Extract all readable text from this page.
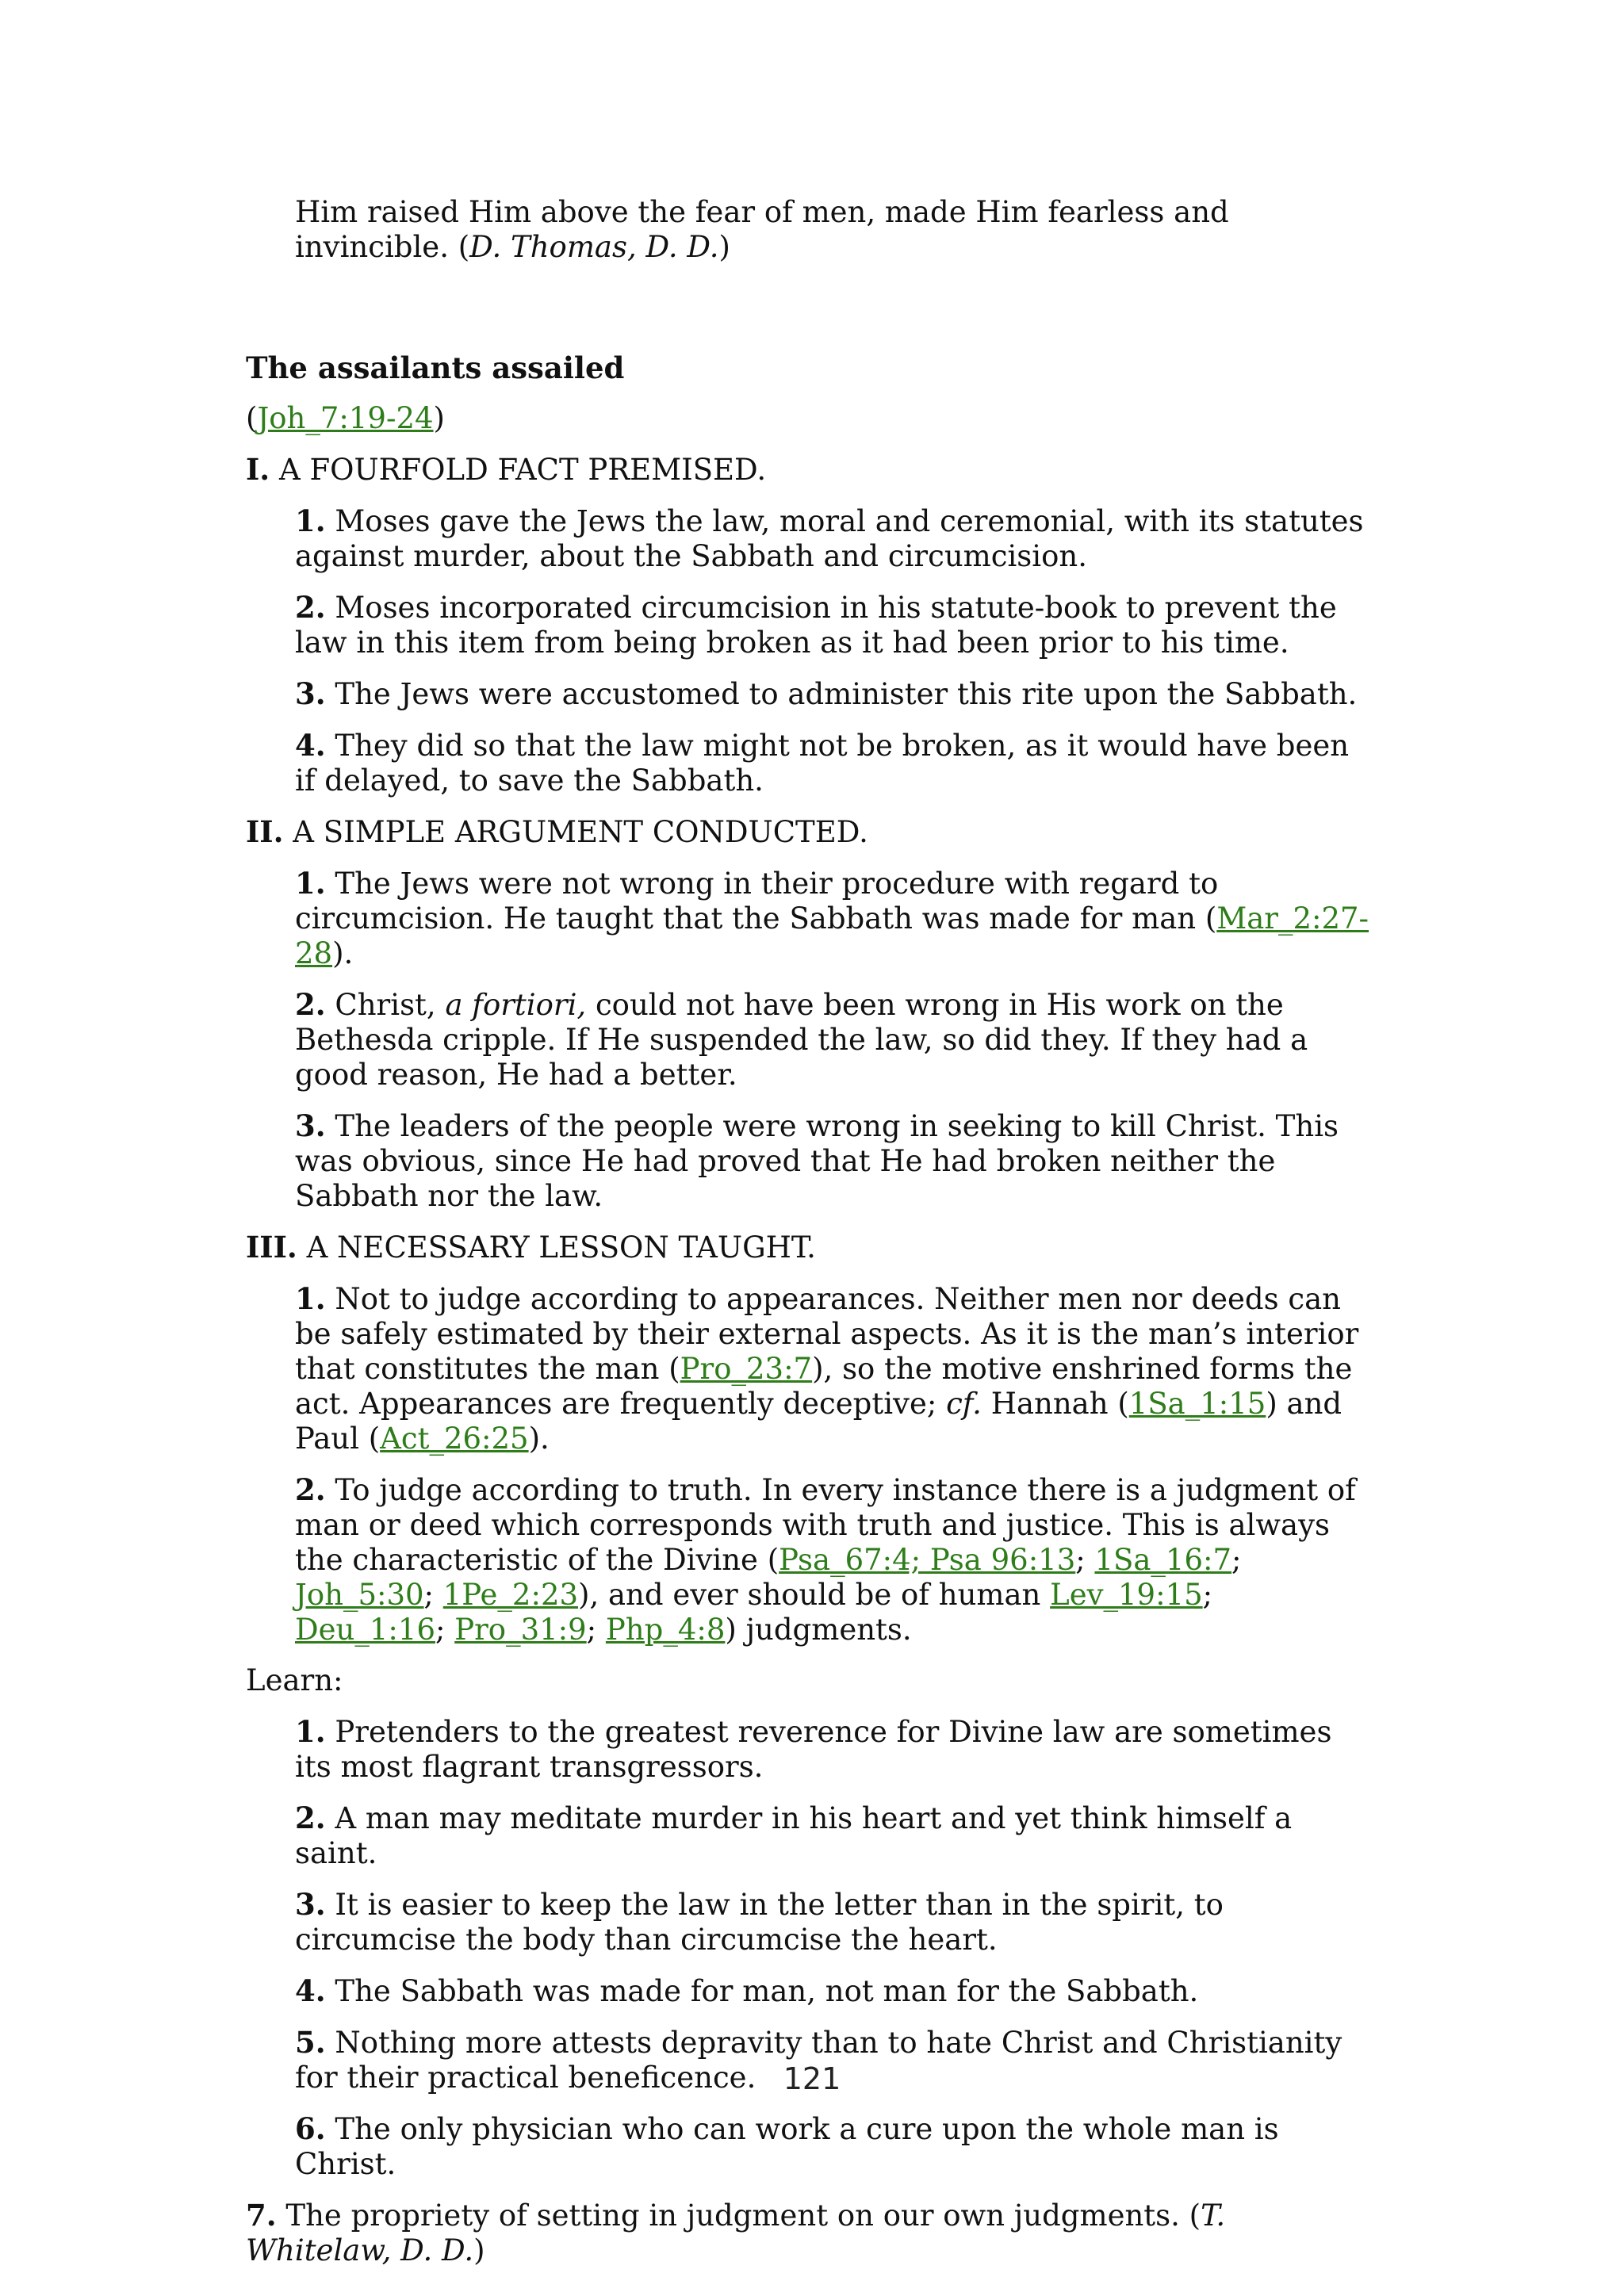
Him raised Him above the fear of men, made Him fearless and invincible. (D. Thomas, D. D.)

The assailants assailed

(Joh_7:19-24)

I. A FOURFOLD FACT PREMISED.

1. Moses gave the Jews the law, moral and ceremonial, with its statutes against murder, about the Sabbath and circumcision.

2. Moses incorporated circumcision in his statute-book to prevent the law in this item from being broken as it had been prior to his time.

3. The Jews were accustomed to administer this rite upon the Sabbath.

4. They did so that the law might not be broken, as it would have been if delayed, to save the Sabbath.

II. A SIMPLE ARGUMENT CONDUCTED.

1. The Jews were not wrong in their procedure with regard to circumcision. He taught that the Sabbath was made for man (Mar_2:27-28).

2. Christ, a fortiori, could not have been wrong in His work on the Bethesda cripple. If He suspended the law, so did they. If they had a good reason, He had a better.

3. The leaders of the people were wrong in seeking to kill Christ. This was obvious, since He had proved that He had broken neither the Sabbath nor the law.

III. A NECESSARY LESSON TAUGHT.

1. Not to judge according to appearances. Neither men nor deeds can be safely estimated by their external aspects. As it is the man’s interior that constitutes the man (Pro_23:7), so the motive enshrined forms the act. Appearances are frequently deceptive; cf. Hannah (1Sa_1:15) and Paul (Act_26:25).

2. To judge according to truth. In every instance there is a judgment of man or deed which corresponds with truth and justice. This is always the characteristic of the Divine (Psa_67:4; Psa 96:13; 1Sa_16:7; Joh_5:30; 1Pe_2:23), and ever should be of human Lev_19:15; Deu_1:16; Pro_31:9; Php_4:8) judgments.

Learn:

1. Pretenders to the greatest reverence for Divine law are sometimes its most flagrant transgressors.

2. A man may meditate murder in his heart and yet think himself a saint.

3. It is easier to keep the law in the letter than in the spirit, to circumcise the body than circumcise the heart.

4. The Sabbath was made for man, not man for the Sabbath.

5. Nothing more attests depravity than to hate Christ and Christianity for their practical beneficence.

6. The only physician who can work a cure upon the whole man is Christ.

7. The propriety of setting in judgment on our own judgments. (T. Whitelaw, D. D.)

121
